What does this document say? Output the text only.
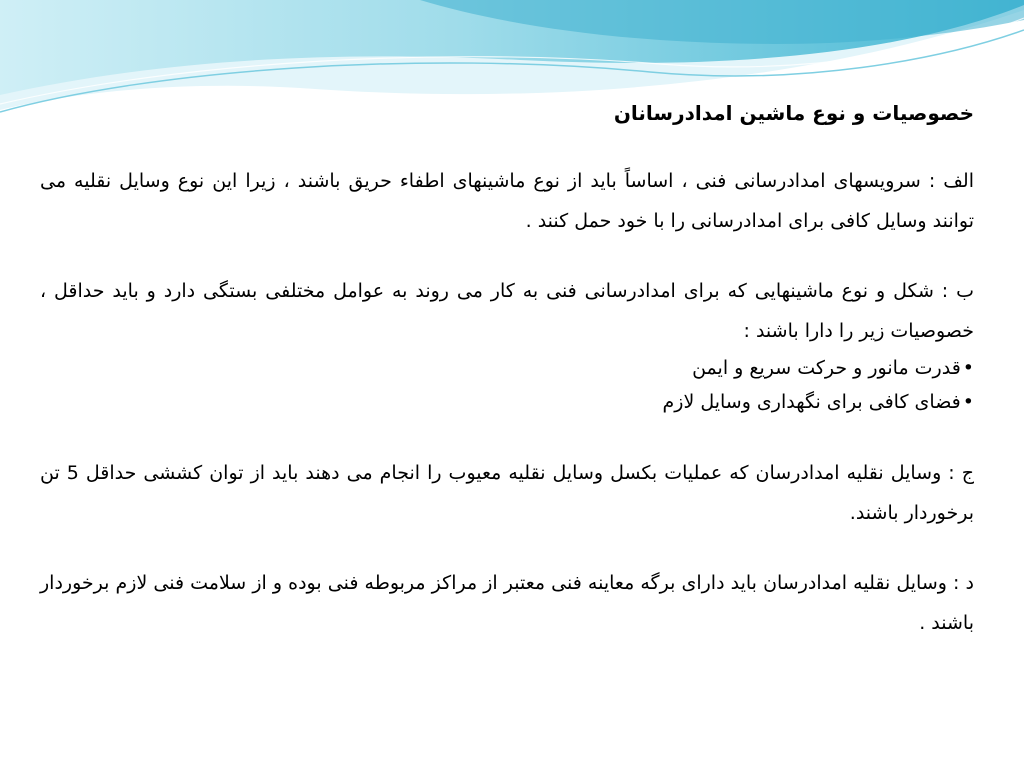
خصوصیات و نوع ماشین امدادرسانان

الف : سرویسهای امدادرسانی فنی ، اساساً باید از نوع ماشینهای اطفاء حریق باشند ، زیرا این نوع وسایل نقلیه می توانند وسایل کافی برای امدادرسانی را با خود حمل کنند .

ب : شکل و نوع ماشینهایی که برای امدادرسانی فنی به کار می روند به عوامل مختلفی بستگی دارد و باید حداقل ، خصوصیات زیر را دارا باشند :

•قدرت مانور و حرکت سریع و ایمن
•فضای کافی برای نگهداری وسایل لازم

ج : وسایل نقلیه امدادرسان که عملیات بکسل وسایل نقلیه معیوب را انجام می دهند باید از توان کششی حداقل 5 تن برخوردار باشند.

د : وسایل نقلیه امدادرسان باید دارای برگه معاینه فنی معتبر از مراکز مربوطه فنی بوده و از سلامت فنی لازم برخوردار باشند .
